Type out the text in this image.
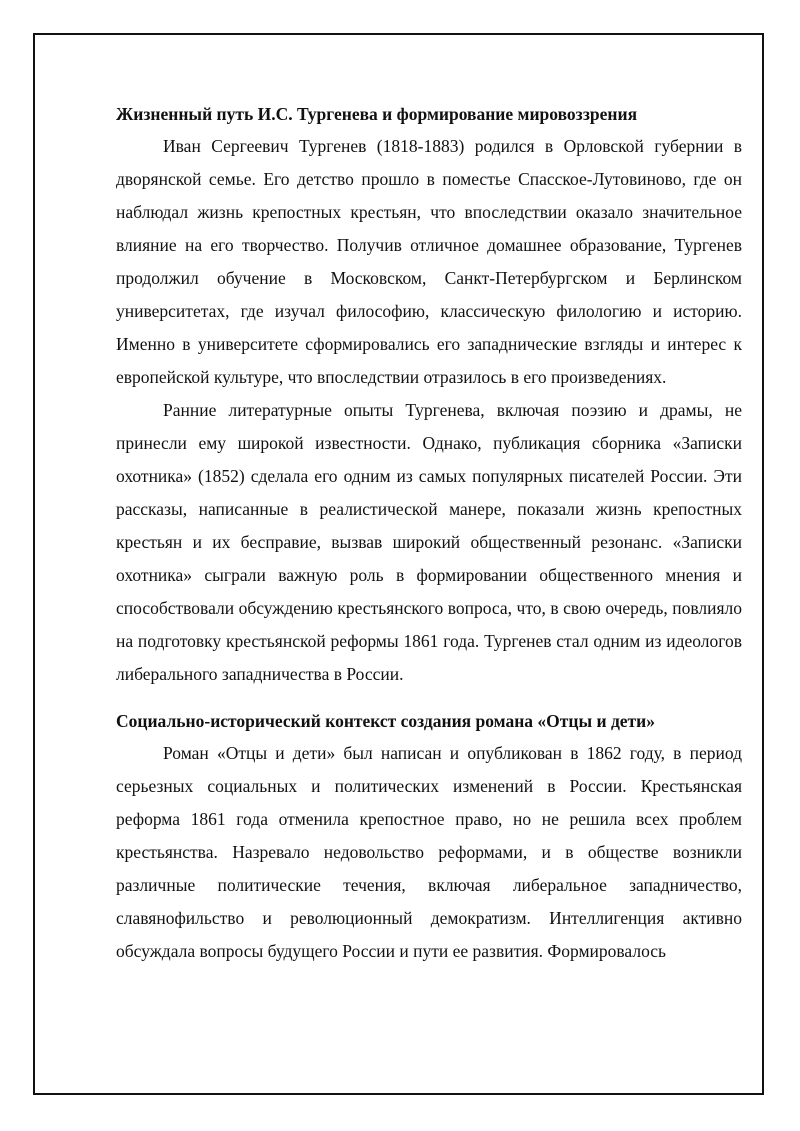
Жизненный путь И.С. Тургенева и формирование мировоззрения

Иван Сергеевич Тургенев (1818-1883) родился в Орловской губернии в дворянской семье. Его детство прошло в поместье Спасское-Лутовиново, где он наблюдал жизнь крепостных крестьян, что впоследствии оказало значительное влияние на его творчество. Получив отличное домашнее образование, Тургенев продолжил обучение в Московском, Санкт-Петербургском и Берлинском университетах, где изучал философию, классическую филологию и историю. Именно в университете сформировались его западнические взгляды и интерес к европейской культуре, что впоследствии отразилось в его произведениях.

Ранние литературные опыты Тургенева, включая поэзию и драмы, не принесли ему широкой известности. Однако, публикация сборника «Записки охотника» (1852) сделала его одним из самых популярных писателей России. Эти рассказы, написанные в реалистической манере, показали жизнь крепостных крестьян и их бесправие, вызвав широкий общественный резонанс. «Записки охотника» сыграли важную роль в формировании общественного мнения и способствовали обсуждению крестьянского вопроса, что, в свою очередь, повлияло на подготовку крестьянской реформы 1861 года. Тургенев стал одним из идеологов либерального западничества в России.

Социально-исторический контекст создания романа «Отцы и дети»

Роман «Отцы и дети» был написан и опубликован в 1862 году, в период серьезных социальных и политических изменений в России. Крестьянская реформа 1861 года отменила крепостное право, но не решила всех проблем крестьянства. Назревало недовольство реформами, и в обществе возникли различные политические течения, включая либеральное западничество, славянофильство и революционный демократизм. Интеллигенция активно обсуждала вопросы будущего России и пути ее развития. Формировалось
